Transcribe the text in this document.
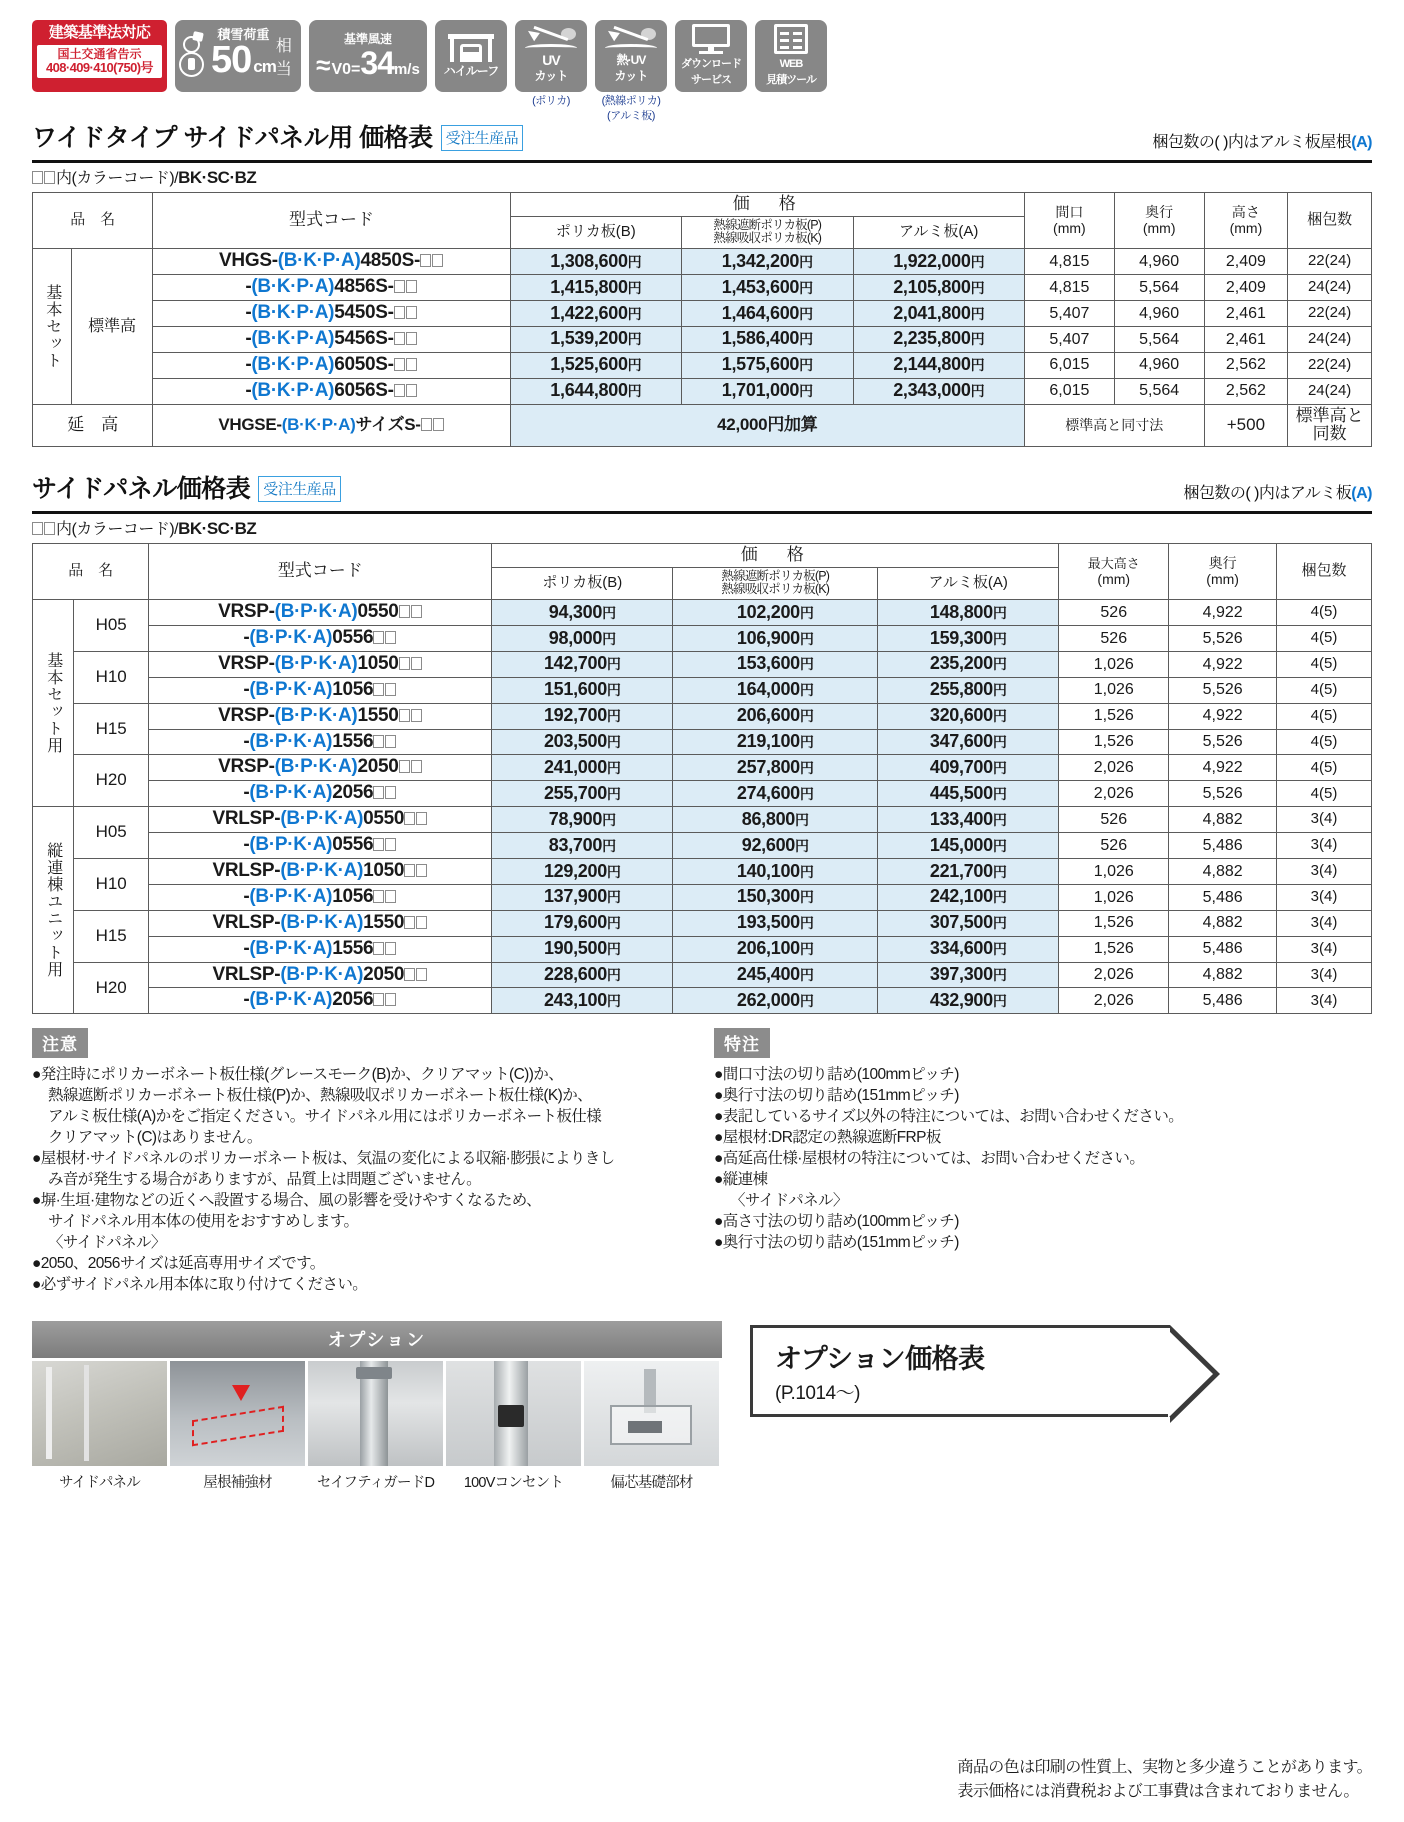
建築基準法対応
国土交通省告示
408·409·410(750)号
積雪荷重
50 cm
相当
基準風速
≈ V0= 34 m/s ハイルーフ
UV
カット
(ポリカ)
熱·UV
カット
(熱線ポリカ)
(アルミ板)
ダウンロード
サービス
WEB
見積ツール
ワイドタイプ サイドパネル用 価格表 受注生産品	梱包数の( )内はアルミ板屋根(A)
内(カラーコード)/BK·SC·BZ
品　名		型式コード	価　格			間口
(mm)	奥行
(mm)	高さ
(mm)	梱包数
			ポリカ板(B)	熱線遮断ポリカ板(P)
熱線吸収ポリカ板(K)	アルミ板(A)				

基本セット	標準高	VHGS-(B·K·P·A)4850S-	1,308,600円	1,342,200円	1,922,000円	4,815	4,960	2,409	22(24)
		-(B·K·P·A)4856S-	1,415,800円	1,453,600円	2,105,800円	4,815	5,564	2,409	24(24)
		-(B·K·P·A)5450S-	1,422,600円	1,464,600円	2,041,800円	5,407	4,960	2,461	22(24)
		-(B·K·P·A)5456S-	1,539,200円	1,586,400円	2,235,800円	5,407	5,564	2,461	24(24)
		-(B·K·P·A)6050S-	1,525,600円	1,575,600円	2,144,800円	6,015	4,960	2,562	22(24)
		-(B·K·P·A)6056S-	1,644,800円	1,701,000円	2,343,000円	6,015	5,564	2,562	24(24)
延　高		VHGSE-(B·K·P·A)サイズS-	42,000円加算			標準高と同寸法		+500	標準高と同数
サイドパネル価格表 受注生産品	梱包数の( )内はアルミ板(A)
内(カラーコード)/BK·SC·BZ
品　名		型式コード	価　格			最大高さ
(mm)	奥行
(mm)	梱包数
			ポリカ板(B)	熱線遮断ポリカ板(P)
熱線吸収ポリカ板(K)	アルミ板(A)			

基本セット用	H05	VRSP-(B·P·K·A)0550	94,300円	102,200円	148,800円	526	4,922	4(5)
		-(B·P·K·A)0556	98,000円	106,900円	159,300円	526	5,526	4(5)
	H10	VRSP-(B·P·K·A)1050	142,700円	153,600円	235,200円	1,026	4,922	4(5)
		-(B·P·K·A)1056	151,600円	164,000円	255,800円	1,026	5,526	4(5)
	H15	VRSP-(B·P·K·A)1550	192,700円	206,600円	320,600円	1,526	4,922	4(5)
		-(B·P·K·A)1556	203,500円	219,100円	347,600円	1,526	5,526	4(5)
	H20	VRSP-(B·P·K·A)2050	241,000円	257,800円	409,700円	2,026	4,922	4(5)
		-(B·P·K·A)2056	255,700円	274,600円	445,500円	2,026	5,526	4(5)

縦連棟ユニット用	H05	VRLSP-(B·P·K·A)0550	78,900円	86,800円	133,400円	526	4,882	3(4)
		-(B·P·K·A)0556	83,700円	92,600円	145,000円	526	5,486	3(4)
	H10	VRLSP-(B·P·K·A)1050	129,200円	140,100円	221,700円	1,026	4,882	3(4)
		-(B·P·K·A)1056	137,900円	150,300円	242,100円	1,026	5,486	3(4)
	H15	VRLSP-(B·P·K·A)1550	179,600円	193,500円	307,500円	1,526	4,882	3(4)
		-(B·P·K·A)1556	190,500円	206,100円	334,600円	1,526	5,486	3(4)
	H20	VRLSP-(B·P·K·A)2050	228,600円	245,400円	397,300円	2,026	4,882	3(4)
		-(B·P·K·A)2056	243,100円	262,000円	432,900円	2,026	5,486	3(4)
注意
●発注時にポリカーボネート板仕様(グレースモーク(B)か、クリアマット(C))か、
熱線遮断ポリカーボネート板仕様(P)か、熱線吸収ポリカーボネート板仕様(K)か、
アルミ板仕様(A)かをご指定ください。サイドパネル用にはポリカーボネート板仕様
クリアマット(C)はありません。
●屋根材·サイドパネルのポリカーボネート板は、気温の変化による収縮·膨張によりきし
み音が発生する場合がありますが、品質上は問題ございません。
●塀·生垣·建物などの近くへ設置する場合、風の影響を受けやすくなるため、
サイドパネル用本体の使用をおすすめします。
〈サイドパネル〉
●2050、2056サイズは延高専用サイズです。
●必ずサイドパネル用本体に取り付けてください。
特注
●間口寸法の切り詰め(100mmピッチ)
●奥行寸法の切り詰め(151mmピッチ)
●表記しているサイズ以外の特注については、お問い合わせください。
●屋根材:DR認定の熱線遮断FRP板
●高延高仕様·屋根材の特注については、お問い合わせください。
●縦連棟
〈サイドパネル〉
●高さ寸法の切り詰め(100mmピッチ)
●奥行寸法の切り詰め(151mmピッチ)
オプション
サイドパネル	屋根補強材	セイフティガードD	100Vコンセント	偏芯基礎部材
オプション価格表
(P.1014〜)
商品の色は印刷の性質上、実物と多少違うことがあります。
表示価格には消費税および工事費は含まれておりません。
